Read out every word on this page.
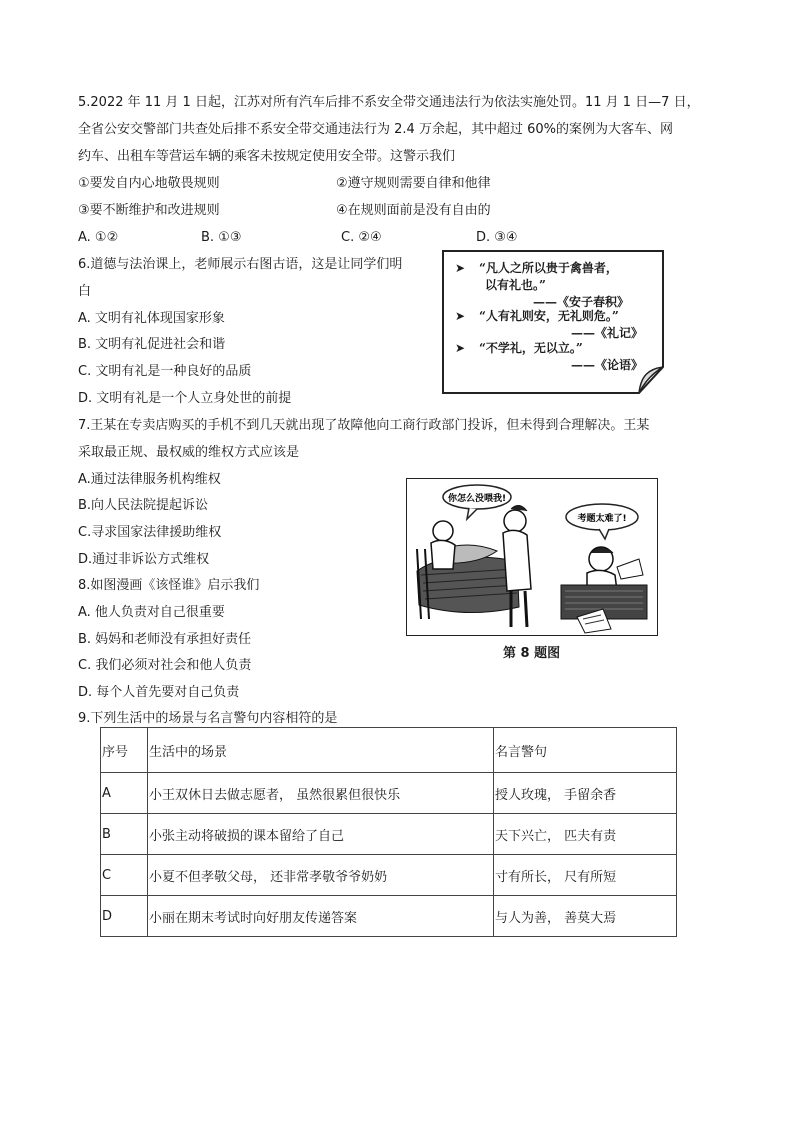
5.2022 年 11 月 1 日起，江苏对所有汽车后排不系安全带交通违法行为依法实施处罚。11 月 1 日—7 日，
全省公安交警部门共查处后排不系安全带交通违法行为 2.4 万余起，其中超过 60%的案例为大客车、网
约车、出租车等营运车辆的乘客未按规定使用安全带。这警示我们
①要发自内心地敬畏规则	②遵守规则需要自律和他律
③要不断维护和改进规则	④在规则面前是没有自由的
A. ①②	B. ①③	C. ②④	D. ③④
6.道德与法治课上，老师展示右图古语，这是让同学们明
白
A. 文明有礼体现国家形象
B. 文明有礼促进社会和谐
C. 文明有礼是一种良好的品质
D. 文明有礼是一个人立身处世的前提
➤ “凡人之所以贵于禽兽者，
以有礼也。”
——《安子春积》
➤ “人有礼则安，无礼则危。”
——《礼记》
➤ “不学礼，无以立。”
——《论语》
7.王某在专卖店购买的手机不到几天就出现了故障他向工商行政部门投诉，但未得到合理解决。王某
采取最正规、最权威的维权方式应该是
A.通过法律服务机构维权
B.向人民法院提起诉讼
C.寻求国家法律援助维权
D.通过非诉讼方式维权
8.如图漫画《该怪谁》启示我们
A. 他人负责对自己很重要
B. 妈妈和老师没有承担好责任
C. 我们必须对社会和他人负责
D. 每个人首先要对自己负责
你怎么没喂我!
考题太难了!
第 8 题图
9.下列生活中的场景与名言警句内容相符的是
序号	生活中的场景	名言警句
A	小王双休日去做志愿者， 虽然很累但很快乐	授人玫瑰， 手留余香
B	小张主动将破损的课本留给了自己	天下兴亡， 匹夫有责
C	小夏不但孝敬父母， 还非常孝敬爷爷奶奶	寸有所长， 尺有所短
D	小丽在期末考试时向好朋友传递答案	与人为善， 善莫大焉
